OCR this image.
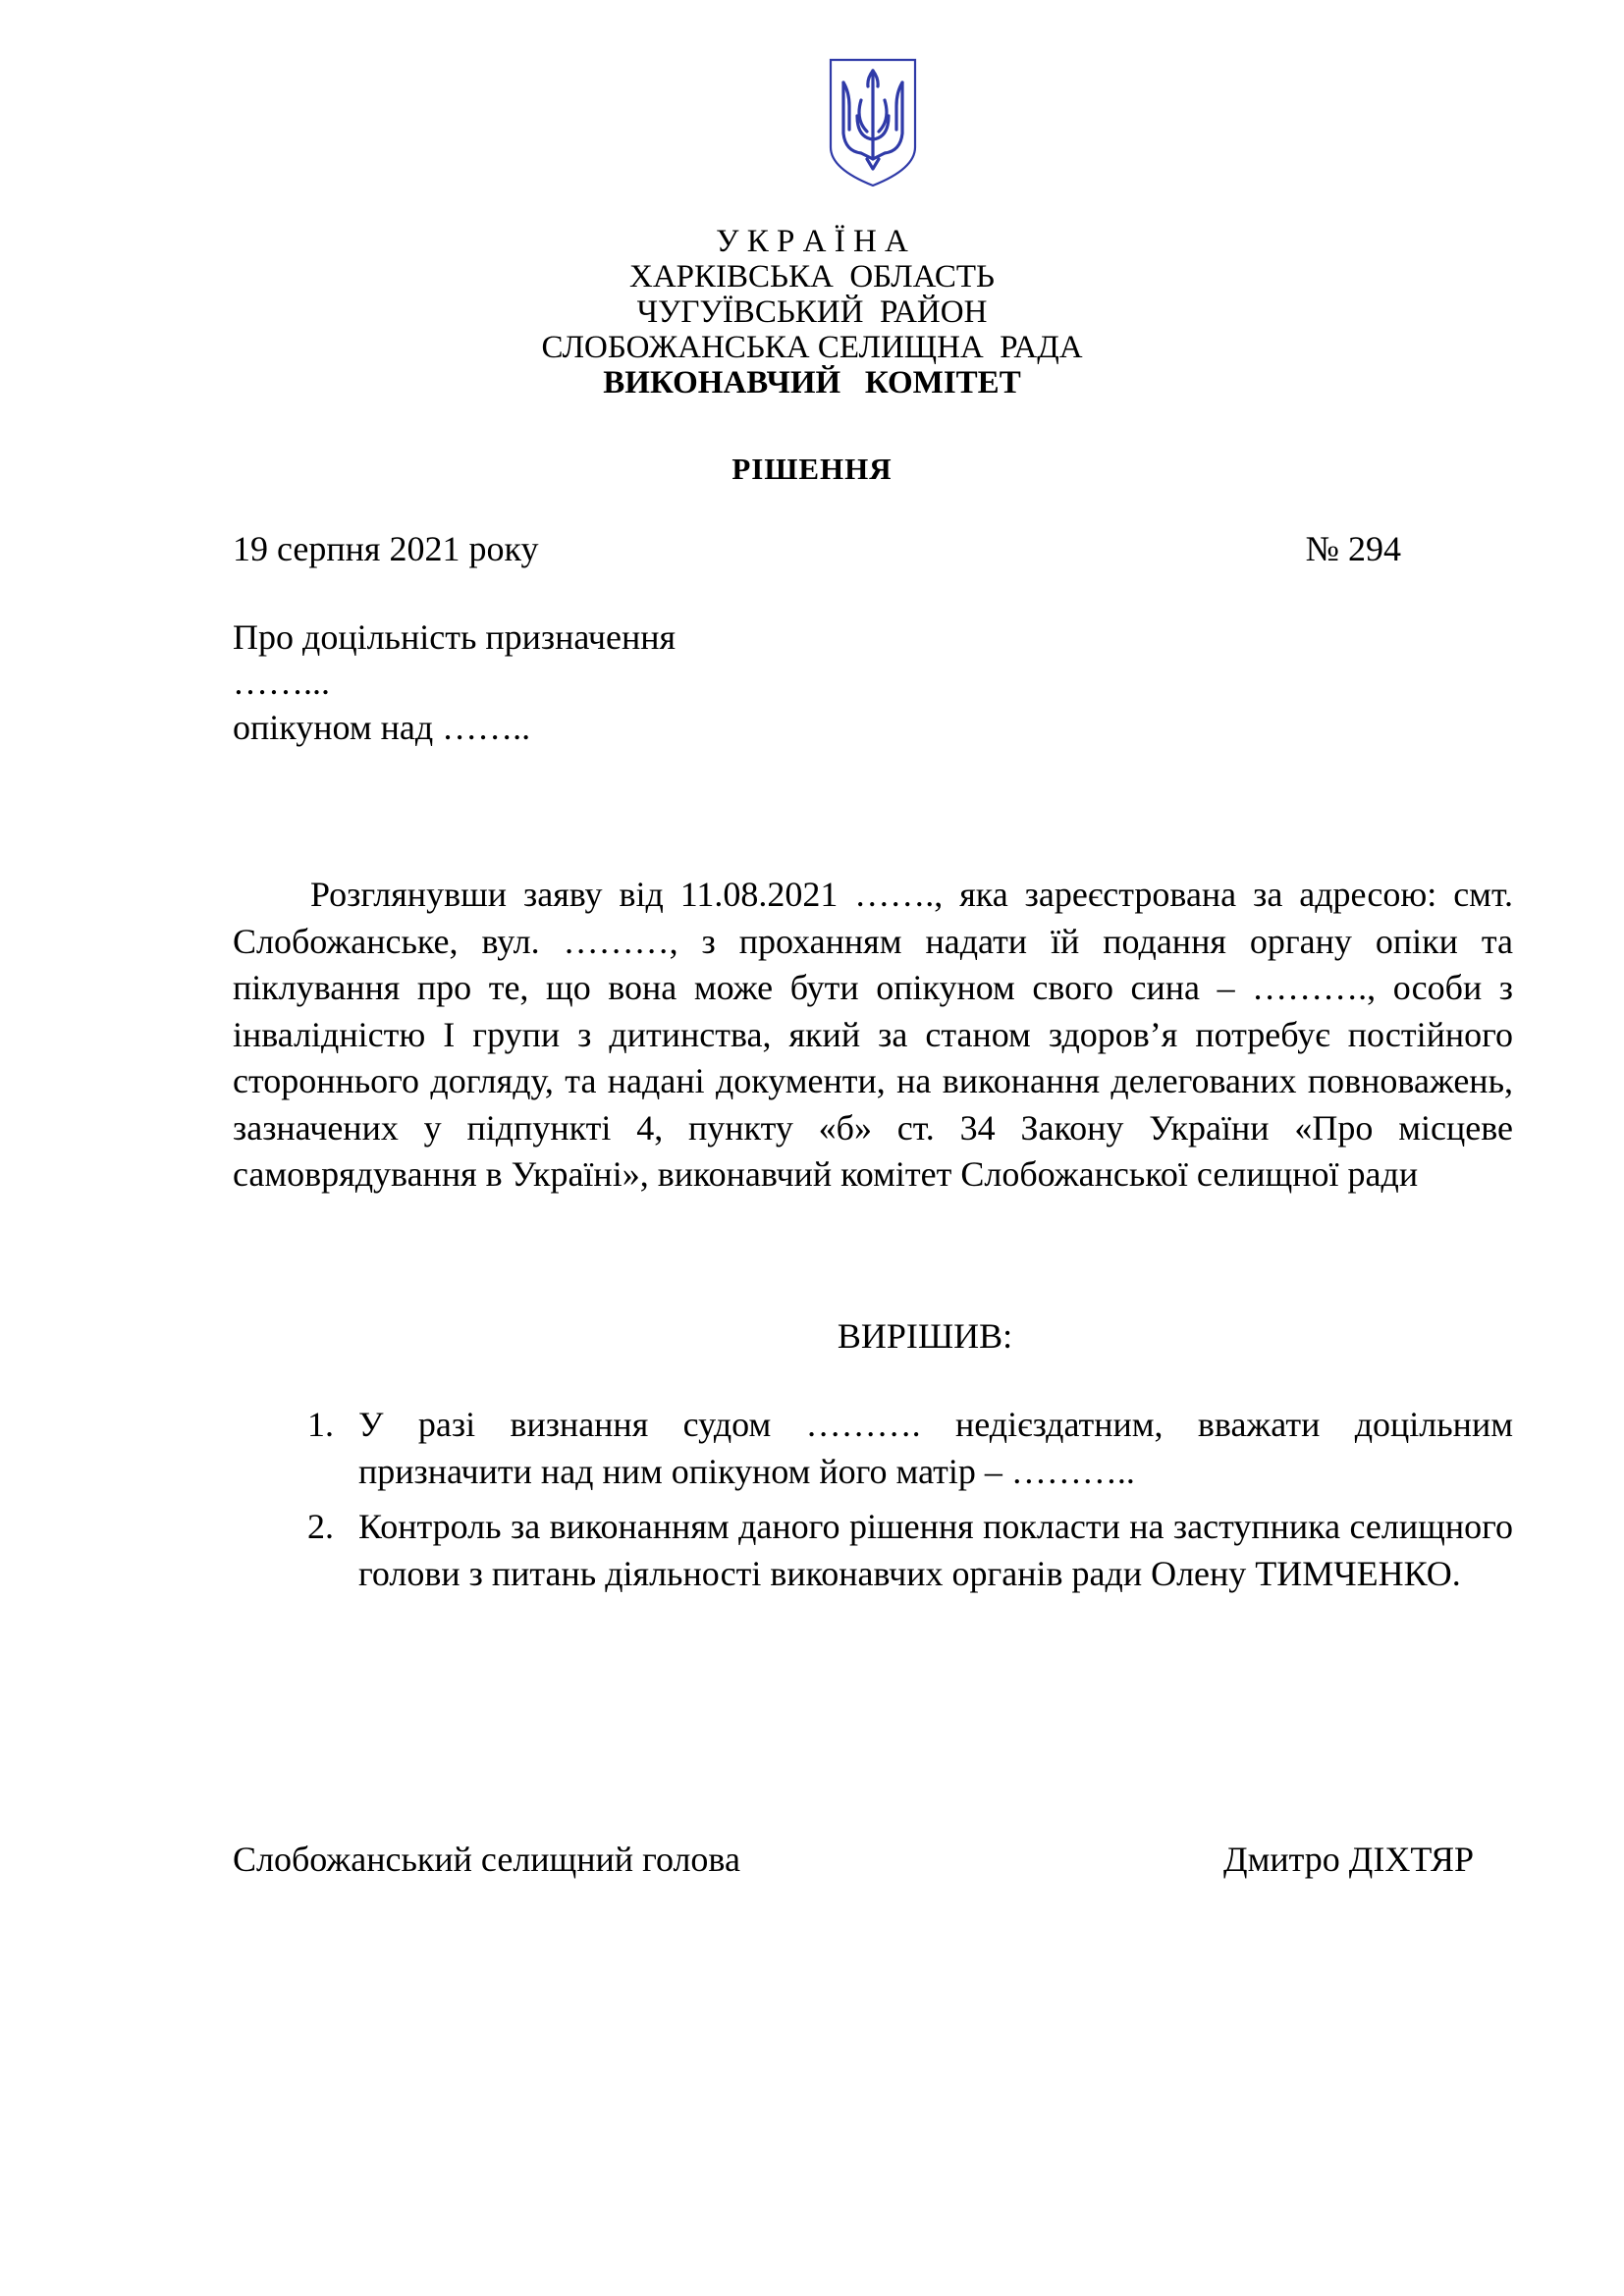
У К Р А Ї Н А
ХАРКІВСЬКА  ОБЛАСТЬ
ЧУГУЇВСЬКИЙ  РАЙОН
СЛОБОЖАНСЬКА СЕЛИЩНА  РАДА
ВИКОНАВЧИЙ   КОМІТЕТ
РІШЕННЯ
19 серпня 2021 року	№ 294
Про доцільність призначення
……...
опікуном над ……..
Розглянувши заяву від 11.08.2021 ……., яка зареєстрована за адресою: смт. Слобожанське, вул. ………, з проханням надати їй подання органу опіки та піклування про те, що вона може бути опікуном свого сина – ………., особи з інвалідністю І групи з дитинства, який за станом здоров’я потребує постійного стороннього догляду, та надані документи, на виконання делегованих повноважень, зазначених у підпункті 4, пункту «б» ст. 34 Закону України «Про місцеве самоврядування в Україні», виконавчий комітет Слобожанської селищної ради
ВИРІШИВ:
1. У разі визнання судом ………. недієздатним, вважати доцільним призначити над ним опікуном його матір – ………..
2. Контроль за виконанням даного рішення покласти на заступника селищного голови з питань діяльності виконавчих органів ради Олену ТИМЧЕНКО.
Слобожанський селищний голова	Дмитро ДІХТЯР
